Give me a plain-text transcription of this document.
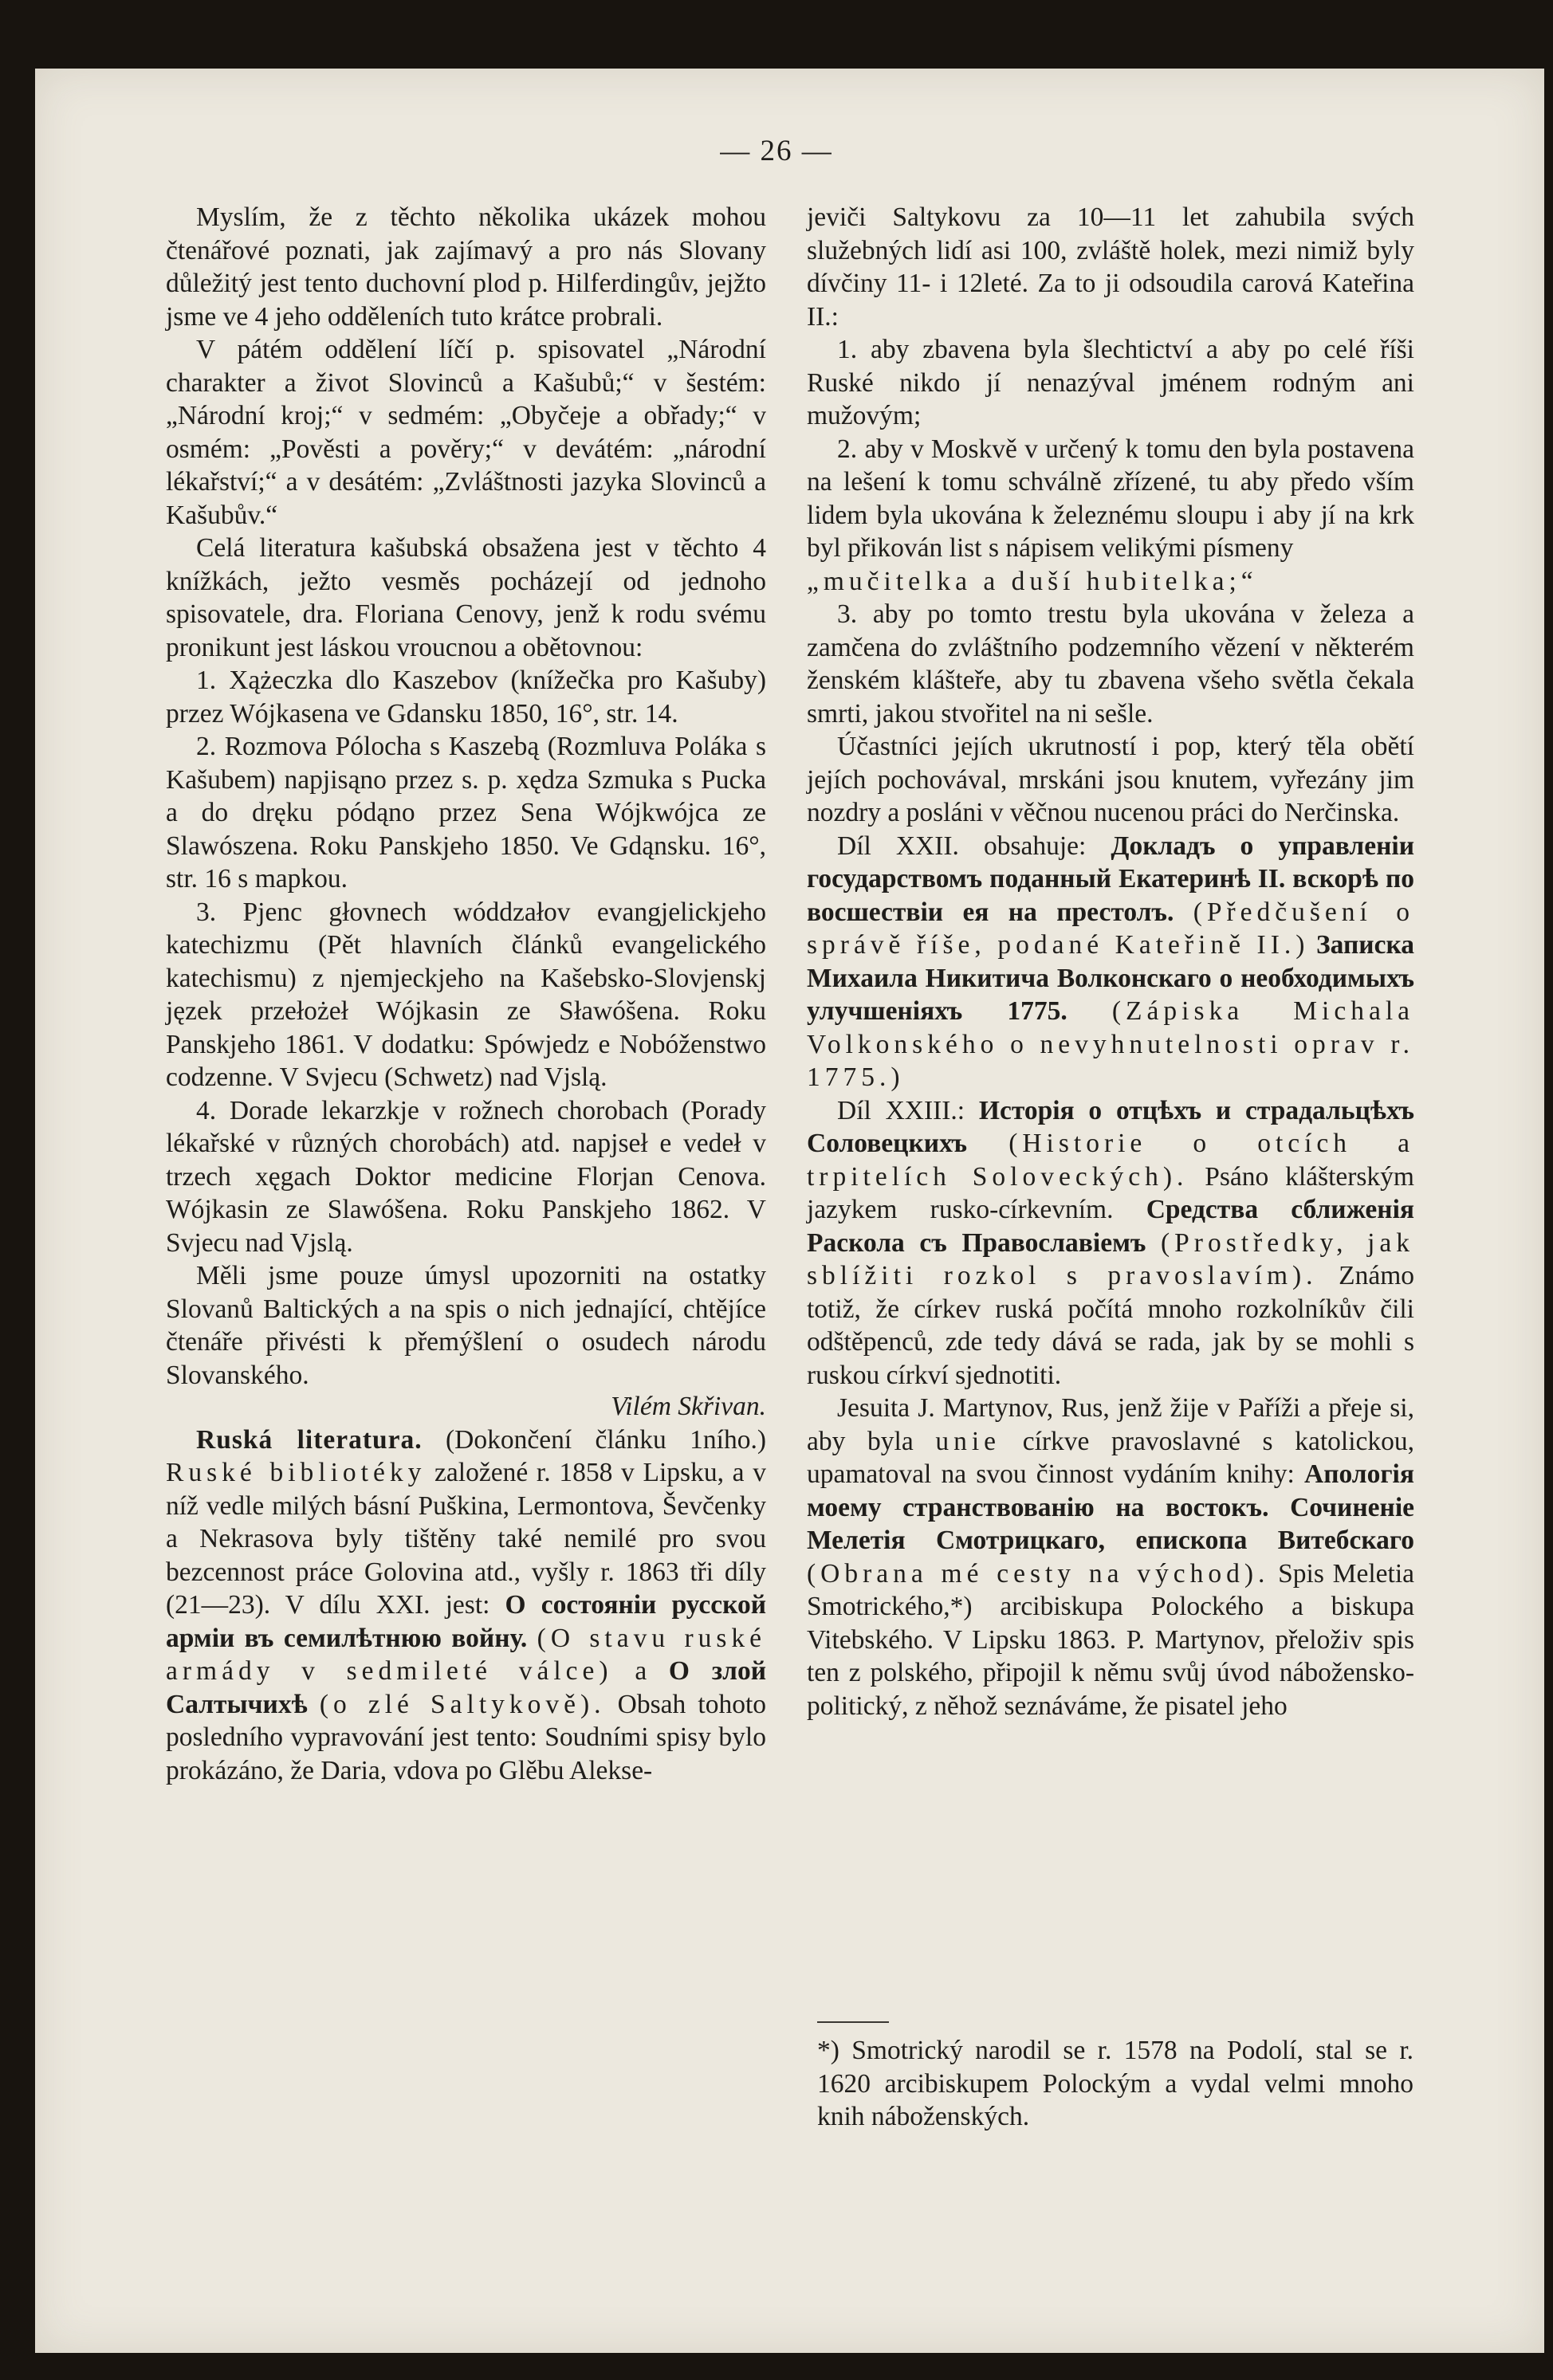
— 26 —

Myslím, že z těchto několika ukázek mohou čtenářové poznati, jak zajímavý a pro nás Slovany důležitý jest tento duchovní plod p. Hilferdingův, jejžto jsme ve 4 jeho odděleních tuto krátce probrali.

V pátém oddělení líčí p. spisovatel „Národní charakter a život Slovinců a Kašubů;“ v šestém: „Národní kroj;“ v sedmém: „Obyčeje a obřady;“ v osmém: „Pověsti a pověry;“ v devátém: „národní lékařství;“ a v desátém: „Zvláštnosti jazyka Slovinců a Kašubův.“

Celá literatura kašubská obsažena jest v těchto 4 knížkách, ježto vesměs pocházejí od jednoho spisovatele, dra. Floriana Cenovy, jenž k rodu svému pronikunt jest láskou vroucnou a obětovnou:

1. Xążeczka dlo Kaszebov (knížečka pro Kašuby) przez Wójkasena ve Gdansku 1850, 16°, str. 14.

2. Rozmova Pólocha s Kaszebą (Rozmluva Poláka s Kašubem) napjisąno przez s. p. xędza Szmuka s Pucka a do dręku pódąno przez Sena Wójkwójca ze Slawószena. Roku Panskjeho 1850. Ve Gdąnsku. 16°, str. 16 s mapkou.

3. Pjenc głovnech wóddzałov evangjelickjeho katechizmu (Pět hlavních článků evangelického katechismu) z njemjeckjeho na Kašebsko-Slovjenskj jęzek przełożeł Wójkasin ze Sławóšena. Roku Panskjeho 1861. V dodatku: Spówjedz e Nobóženstwo codzenne. V Svjecu (Schwetz) nad Vjslą.

4. Dorade lekarzkje v rožnech chorobach (Porady lékařské v různých chorobách) atd. napjseł e vedeł v trzech xęgach Doktor medicine Florjan Cenova. Wójkasin ze Slawóšena. Roku Panskjeho 1862. V Svjecu nad Vjslą.

Měli jsme pouze úmysl upozorniti na ostatky Slovanů Baltických a na spis o nich jednající, chtějíce čtenáře přivésti k přemýšlení o osudech národu Slovanského.

Vilém Skřivan.

Ruská literatura. (Dokončení článku 1ního.) Ruské bibliotéky založené r. 1858 v Lipsku, a v níž vedle milých básní Puškina, Lermontova, Ševčenky a Nekrasova byly tištěny také nemilé pro svou bezcennost práce Golovina atd., vyšly r. 1863 tři díly (21—23). V dílu XXI. jest: О состояніи русской арміи въ семилѣтнюю войну. (O stavu ruské armády v sedmileté válce) a О злой Салтычихѣ (o zlé Saltykově). Obsah tohoto posledního vypravování jest tento: Soudními spisy bylo prokázáno, že Daria, vdova po Glěbu Alekse-

jeviči Saltykovu za 10—11 let zahubila svých služebných lidí asi 100, zvláště holek, mezi nimiž byly dívčiny 11- i 12leté. Za to ji odsoudila carová Kateřina II.:

1. aby zbavena byla šlechtictví a aby po celé říši Ruské nikdo jí nenazýval jménem rodným ani mužovým;

2. aby v Moskvě v určený k tomu den byla postavena na lešení k tomu schválně zřízené, tu aby předo vším lidem byla ukována k železnému sloupu i aby jí na krk byl přikován list s nápisem velikými písmeny

„mučitelka a duší hubitelka;“

3. aby po tomto trestu byla ukována v železa a zamčena do zvláštního podzemního vězení v některém ženském klášteře, aby tu zbavena všeho světla čekala smrti, jakou stvořitel na ni sešle.

Účastníci jejích ukrutností i pop, který těla obětí jejích pochovával, mrskáni jsou knutem, vyřezány jim nozdry a posláni v věčnou nucenou práci do Nerčinska.

Díl XXII. obsahuje: Докладъ о управленіи государствомъ поданный Екатеринѣ II. вскорѣ по восшествіи ея на престолъ. (Předčušení o správě říše, podané Kateřině II.) Записка Михаила Никитича Волконскаго о необходимыхъ улучшеніяхъ 1775. (Zápiska Michala Volkonského o nevyhnutelnosti oprav r. 1775.)

Díl XXIII.: Исторія о отцѣхъ и страдальцѣхъ Соловецкихъ (Historie o otcích a trpitelích Soloveckých). Psáno klášterským jazykem rusko-církevním. Средства сближенія Раскола съ Православіемъ (Prostředky, jak sblížiti rozkol s pravoslavím). Známo totiž, že církev ruská počítá mnoho rozkolníkův čili odštěpenců, zde tedy dává se rada, jak by se mohli s ruskou církví sjednotiti.

Jesuita J. Martynov, Rus, jenž žije v Paříži a přeje si, aby byla unie církve pravoslavné s katolickou, upamatoval na svou činnost vydáním knihy: Апологія моему странствованію на востокъ. Сочиненіе Мелетія Смотрицкаго, епископа Витебскаго (Obrana mé cesty na východ). Spis Meletia Smotrického,*) arcibiskupa Polockého a biskupa Vitebského. V Lipsku 1863. P. Martynov, přeloživ spis ten z polského, připojil k němu svůj úvod nábožensko-politický, z něhož seznáváme, že pisatel jeho

*) Smotrický narodil se r. 1578 na Podolí, stal se r. 1620 arcibiskupem Polockým a vydal velmi mnoho knih náboženských.
